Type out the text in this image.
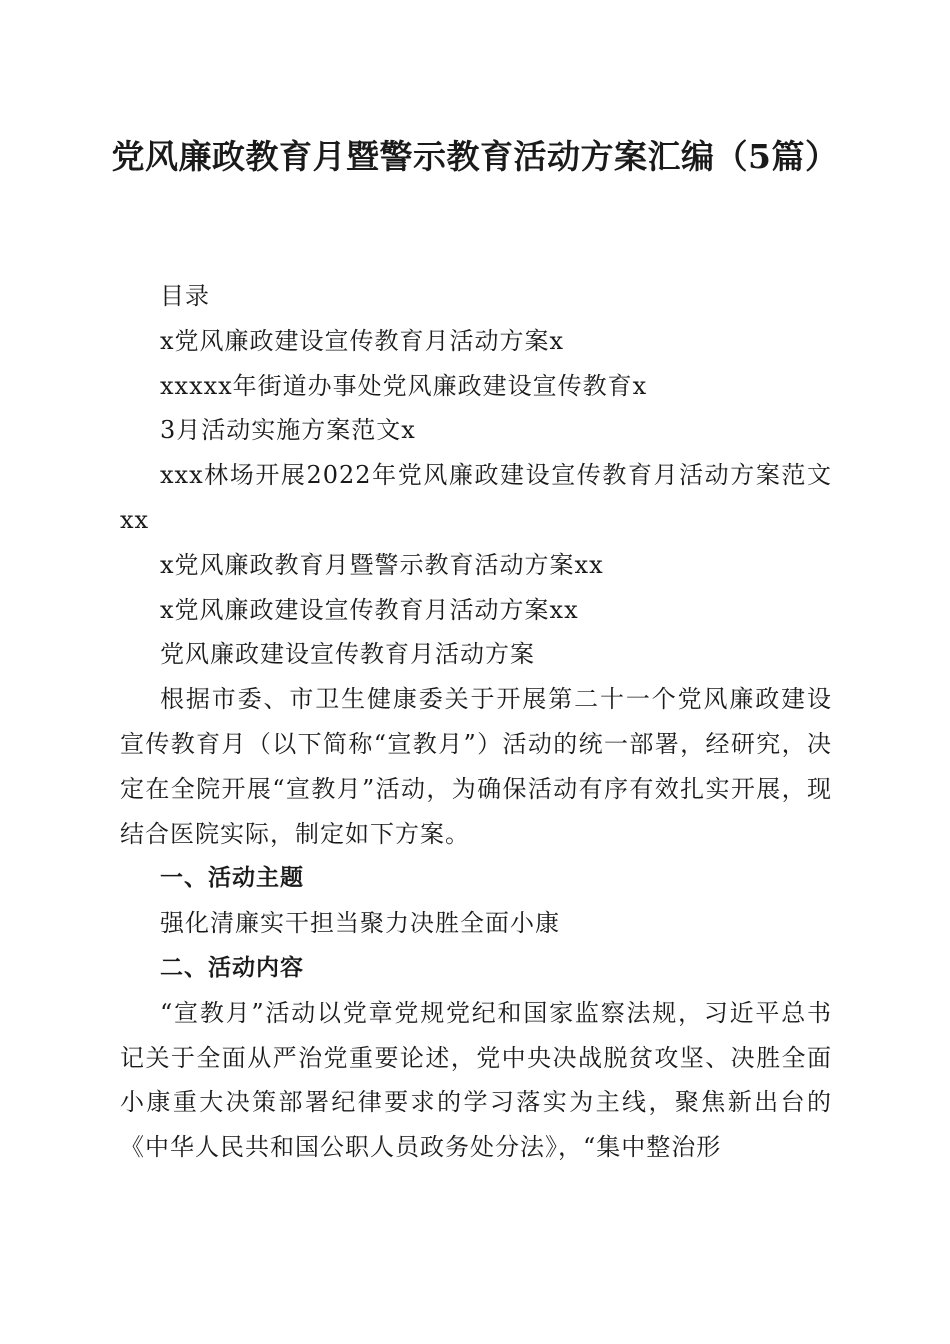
党风廉政教育月暨警示教育活动方案汇编（5篇）

目录

x党风廉政建设宣传教育月活动方案x

xxxxx年街道办事处党风廉政建设宣传教育x

3月活动实施方案范文x

xxx林场开展2022年党风廉政建设宣传教育月活动方案范文xx

x党风廉政教育月暨警示教育活动方案xx

x党风廉政建设宣传教育月活动方案xx

党风廉政建设宣传教育月活动方案

根据市委、市卫生健康委关于开展第二十一个党风廉政建设宣传教育月（以下简称“宣教月”）活动的统一部署，经研究，决定在全院开展“宣教月”活动，为确保活动有序有效扎实开展，现结合医院实际，制定如下方案。

一、活动主题

强化清廉实干担当聚力决胜全面小康

二、活动内容

“宣教月”活动以党章党规党纪和国家监察法规，习近平总书记关于全面从严治党重要论述，党中央决战脱贫攻坚、决胜全面小康重大决策部署纪律要求的学习落实为主线，聚焦新出台的《中华人民共和国公职人员政务处分法》，“集中整治形
